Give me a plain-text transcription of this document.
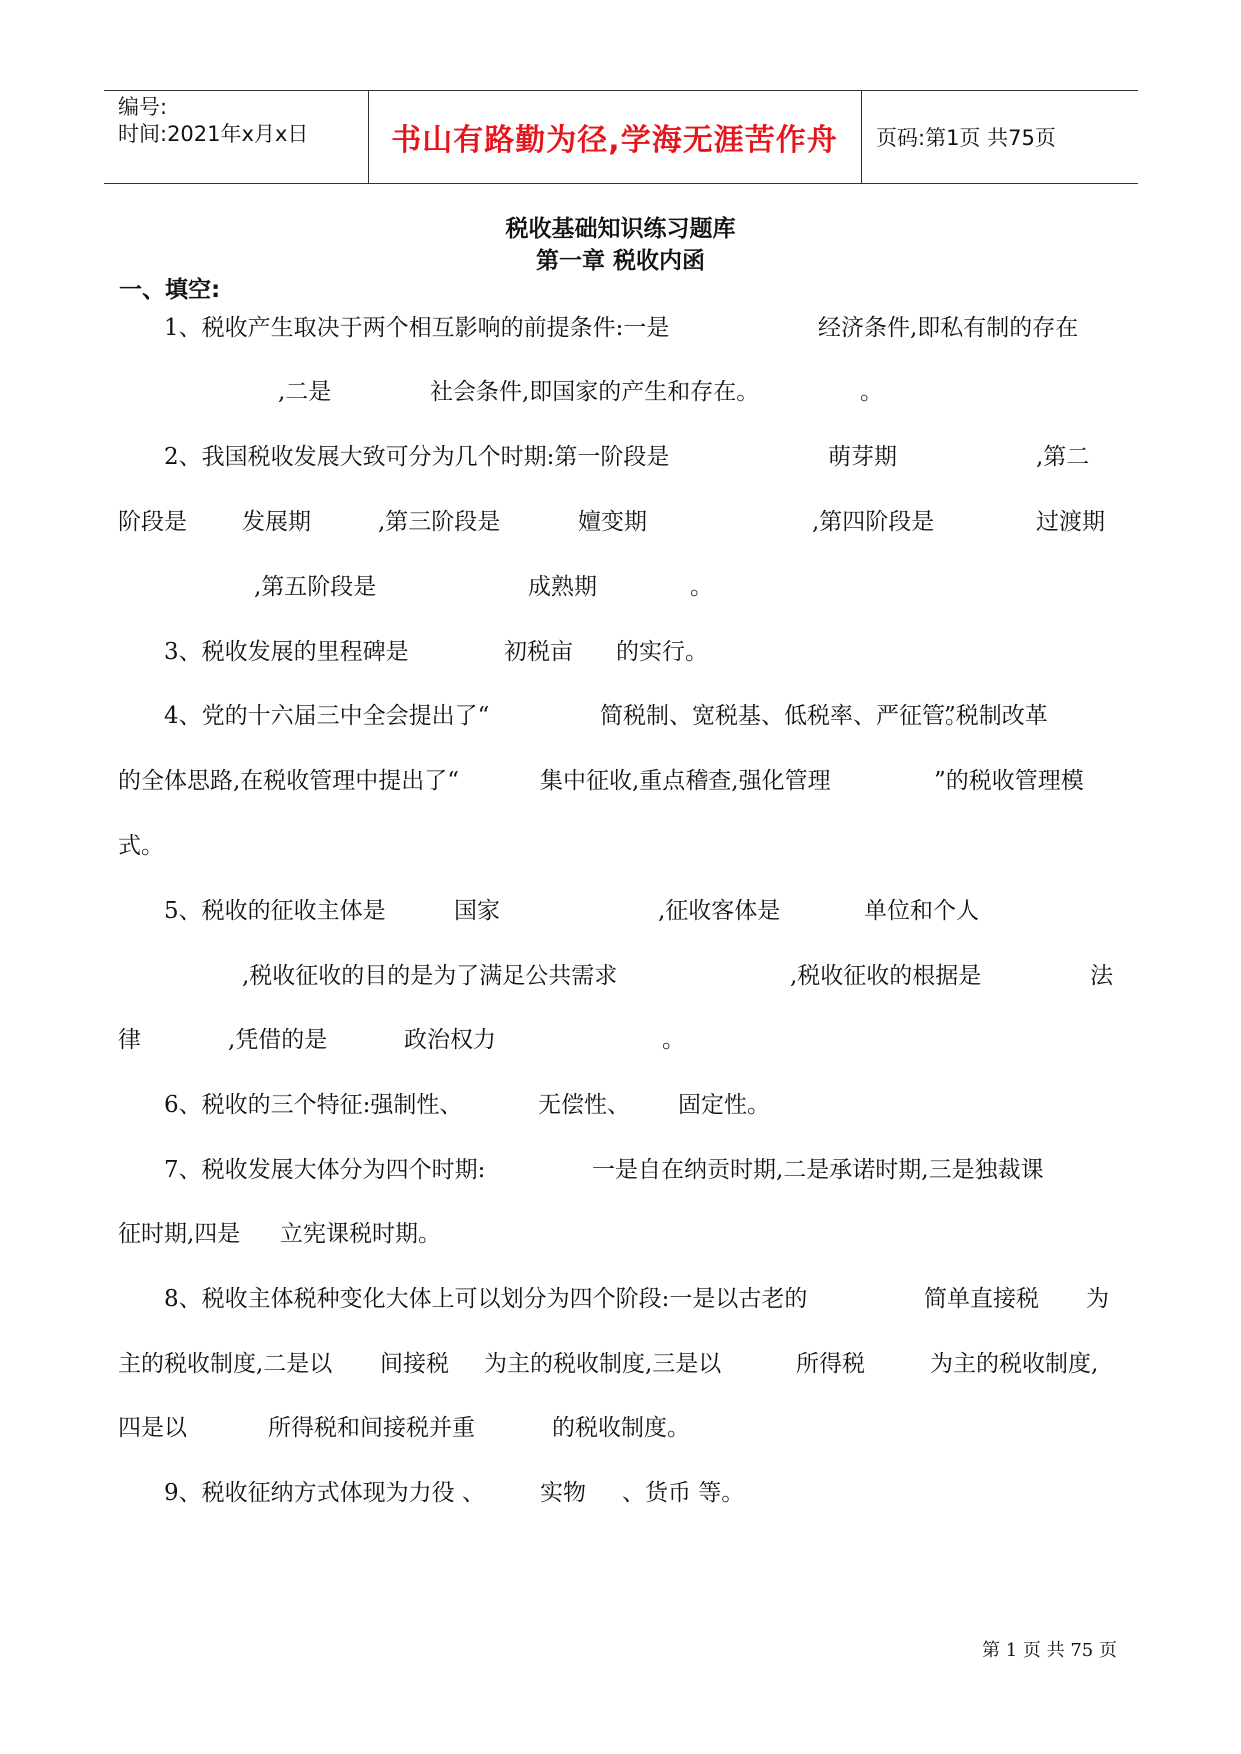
编号:
时间:2021年x月x日	书山有路勤为径,学海无涯苦作舟	页码:第1页 共75页
税收基础知识练习题库
第一章 税收内函
一、填空:
1、税收产生取决于两个相互影响的前提条件:一是	经济条件,即私有制的存在
,二是	社会条件,即国家的产生和存在。	。
2、我国税收发展大致可分为几个时期:第一阶段是	萌芽期	,第二
阶段是 发展期	,第三阶段是	嬗变期	,第四阶段是	过渡期
,第五阶段是	成熟期	。
3、税收发展的里程碑是	初税亩 的实行。
4、党的十六届三中全会提出了“	简税制、宽税基、低税率、严征管。
”税制改革
的全体思路,在税收管理中提出了“	集中征收,重点稽查,强化管理	”的税收管理模
式。
5、税收的征收主体是	国家	,征收客体是	单位和个人
,税收征收的目的是为了满足公共需求	,税收征收的根据是	法
律	,凭借的是	政治权力	。
6、税收的三个特征:强制性、	无偿性、 固定性。
7、税收发展大体分为四个时期:	一是自在纳贡时期,二是承诺时期,三是独裁课
征时期,四是 立宪课税时期。
8、税收主体税种变化大体上可以划分为四个阶段:一是以古老的	简单直接税 为
主的税收制度,二是以 间接税 为主的税收制度,三是以	所得税	为主的税收制度,
四是以	所得税和间接税并重	的税收制度。
9、税收征纳方式体现为力役 、 实物 、货币 等。
第 1 页 共 75 页
